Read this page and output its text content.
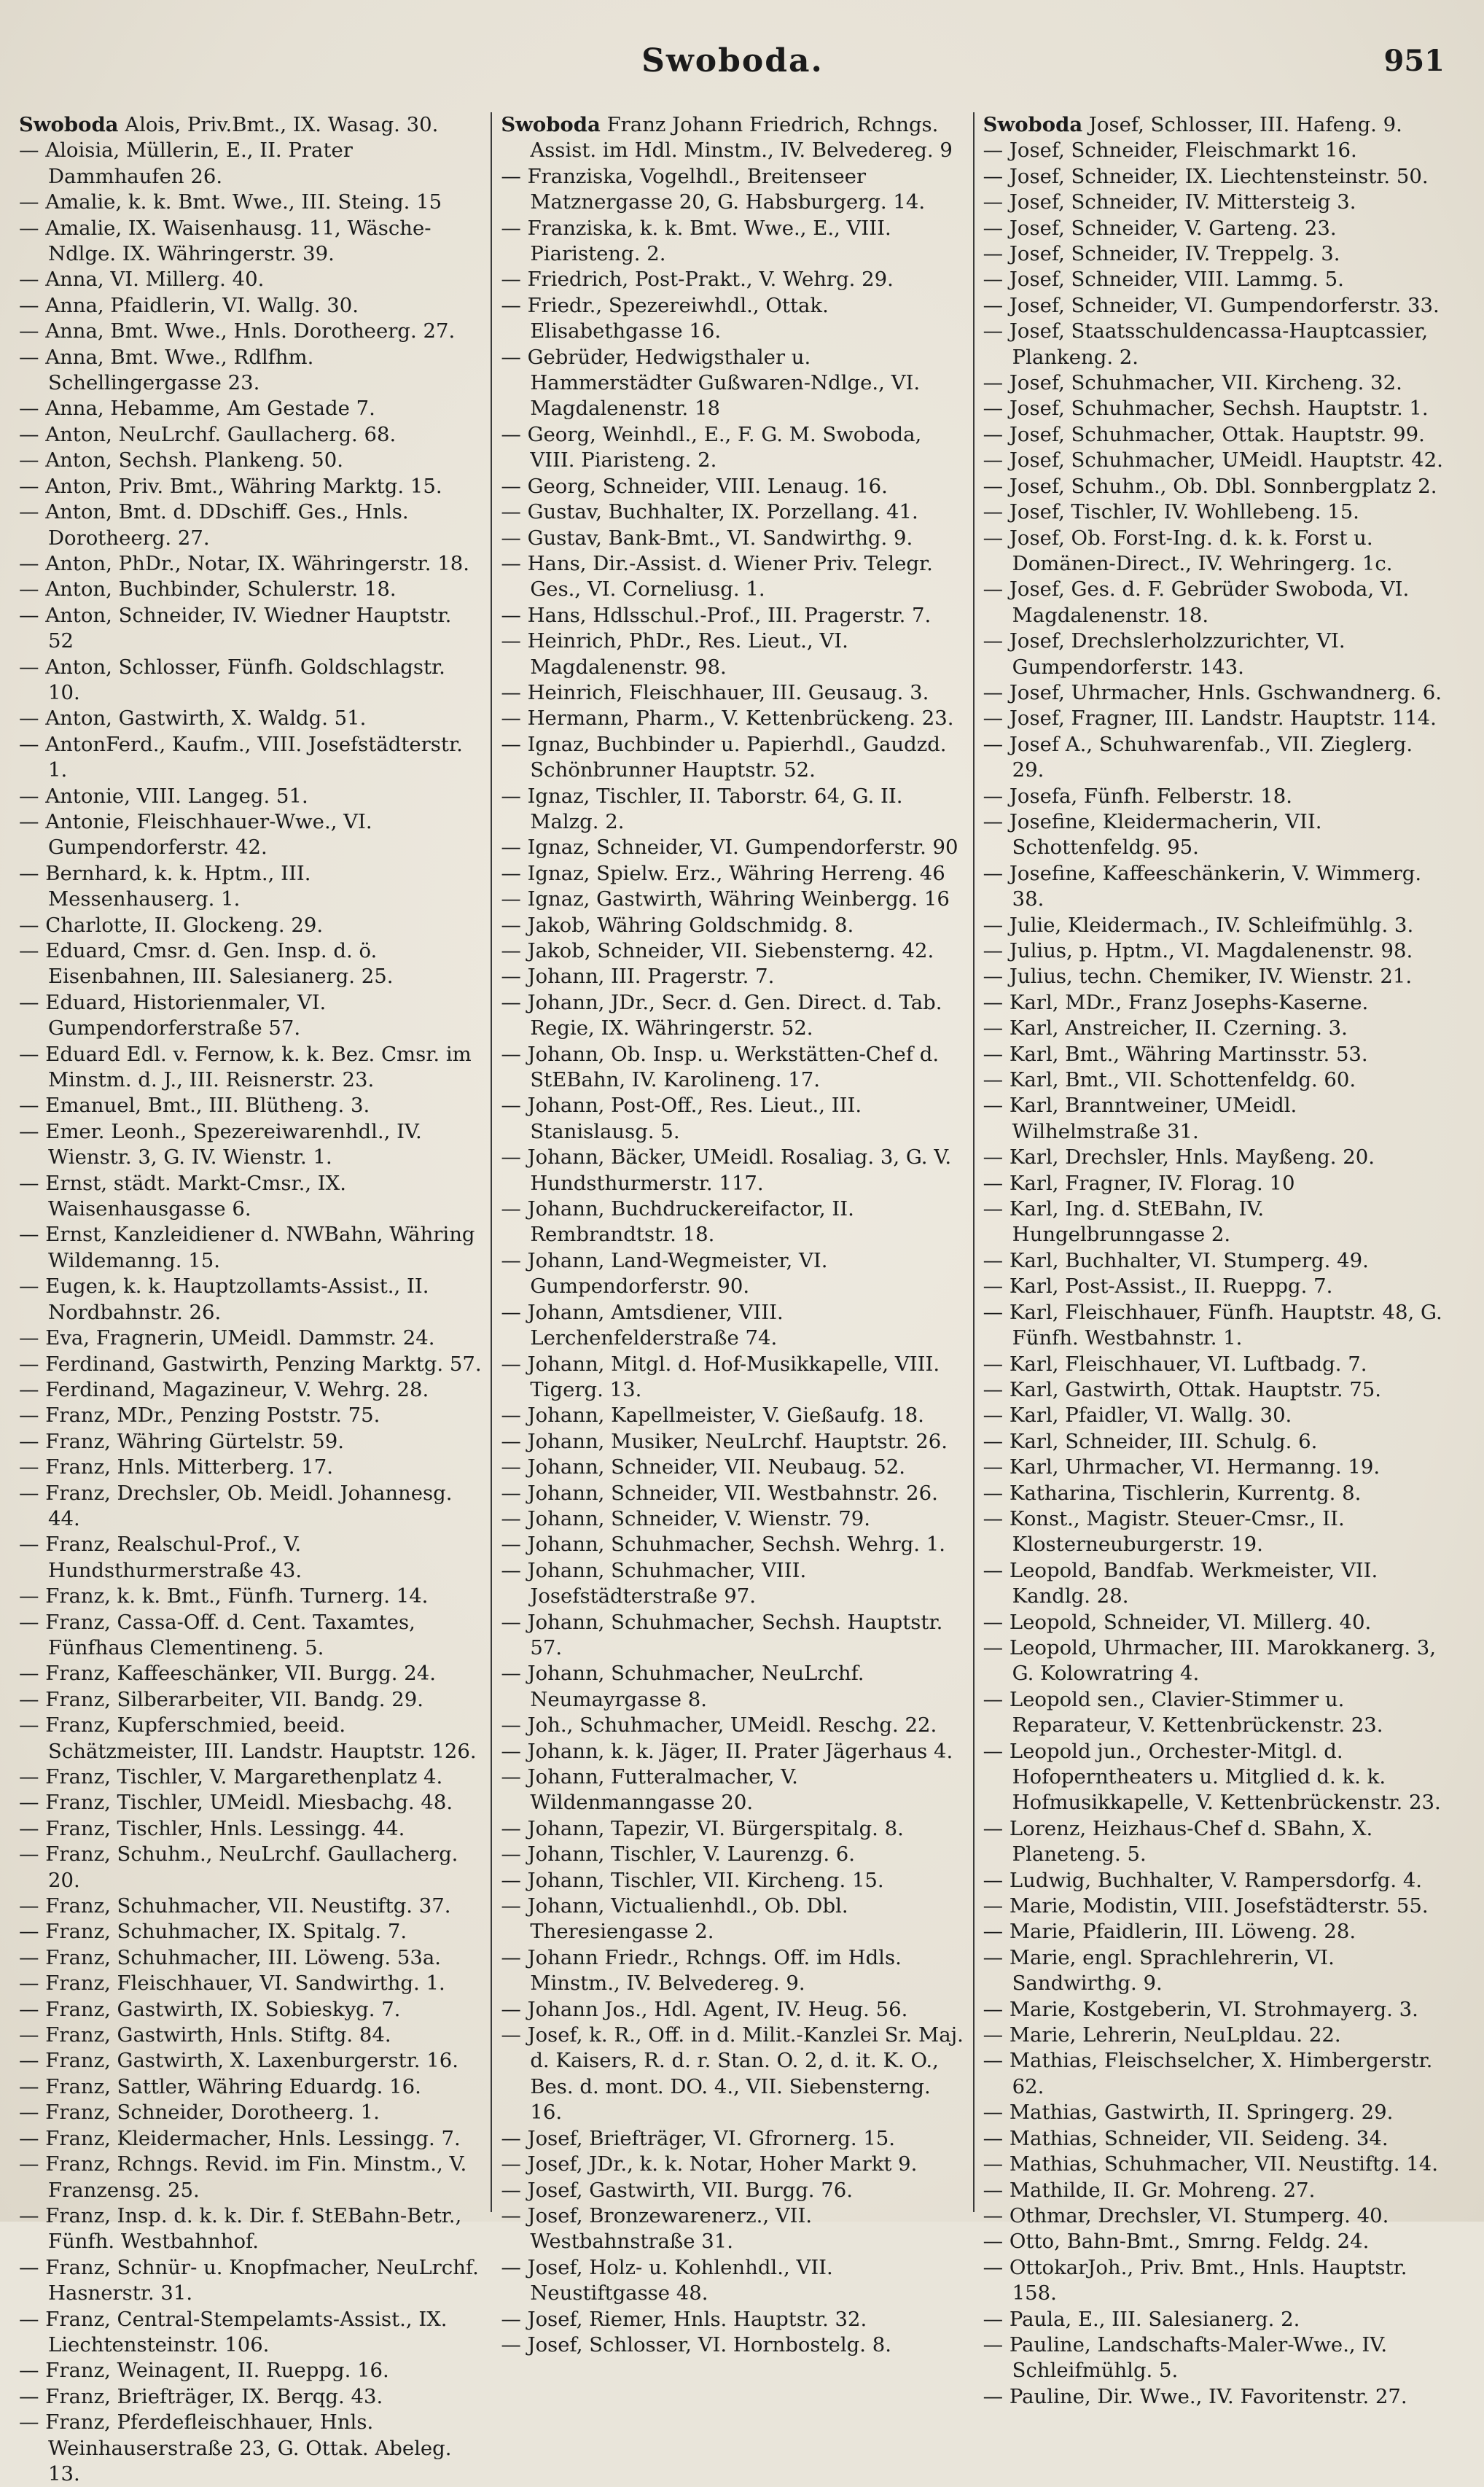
Swoboda.	951

Swoboda Alois, Priv.Bmt., IX. Wasag. 30.

— Aloisia, Müllerin, E., II. Prater Dammhaufen 26.

— Amalie, k. k. Bmt. Wwe., III. Steing. 15

— Amalie, IX. Waisenhausg. 11, Wäsche-Ndlge. IX. Währingerstr. 39.

— Anna, VI. Millerg. 40.

— Anna, Pfaidlerin, VI. Wallg. 30.

— Anna, Bmt. Wwe., Hnls. Dorotheerg. 27.

— Anna, Bmt. Wwe., Rdlfhm. Schellingergasse 23.

— Anna, Hebamme, Am Gestade 7.

— Anton, NeuLrchf. Gaullacherg. 68.

— Anton, Sechsh. Plankeng. 50.

— Anton, Priv. Bmt., Währing Marktg. 15.

— Anton, Bmt. d. DDschiff. Ges., Hnls. Dorotheerg. 27.

— Anton, PhDr., Notar, IX. Währingerstr. 18.

— Anton, Buchbinder, Schulerstr. 18.

— Anton, Schneider, IV. Wiedner Hauptstr. 52

— Anton, Schlosser, Fünfh. Goldschlagstr. 10.

— Anton, Gastwirth, X. Waldg. 51.

— AntonFerd., Kaufm., VIII. Josefstädterstr. 1.

— Antonie, VIII. Langeg. 51.

— Antonie, Fleischhauer-Wwe., VI. Gumpendorferstr. 42.

— Bernhard, k. k. Hptm., III. Messenhauserg. 1.

— Charlotte, II. Glockeng. 29.

— Eduard, Cmsr. d. Gen. Insp. d. ö. Eisenbahnen, III. Salesianerg. 25.

— Eduard, Historienmaler, VI. Gumpendorferstraße 57.

— Eduard Edl. v. Fernow, k. k. Bez. Cmsr. im Minstm. d. J., III. Reisnerstr. 23.

— Emanuel, Bmt., III. Blütheng. 3.

— Emer. Leonh., Spezereiwarenhdl., IV. Wienstr. 3, G. IV. Wienstr. 1.

— Ernst, städt. Markt-Cmsr., IX. Waisenhausgasse 6.

— Ernst, Kanzleidiener d. NWBahn, Währing Wildemanng. 15.

— Eugen, k. k. Hauptzollamts-Assist., II. Nordbahnstr. 26.

— Eva, Fragnerin, UMeidl. Dammstr. 24.

— Ferdinand, Gastwirth, Penzing Marktg. 57.

— Ferdinand, Magazineur, V. Wehrg. 28.

— Franz, MDr., Penzing Poststr. 75.

— Franz, Währing Gürtelstr. 59.

— Franz, Hnls. Mitterberg. 17.

— Franz, Drechsler, Ob. Meidl. Johannesg. 44.

— Franz, Realschul-Prof., V. Hundsthurmerstraße 43.

— Franz, k. k. Bmt., Fünfh. Turnerg. 14.

— Franz, Cassa-Off. d. Cent. Taxamtes, Fünfhaus Clementineng. 5.

— Franz, Kaffeeschänker, VII. Burgg. 24.

— Franz, Silberarbeiter, VII. Bandg. 29.

— Franz, Kupferschmied, beeid. Schätzmeister, III. Landstr. Hauptstr. 126.

— Franz, Tischler, V. Margarethenplatz 4.

— Franz, Tischler, UMeidl. Miesbachg. 48.

— Franz, Tischler, Hnls. Lessingg. 44.

— Franz, Schuhm., NeuLrchf. Gaullacherg. 20.

— Franz, Schuhmacher, VII. Neustiftg. 37.

— Franz, Schuhmacher, IX. Spitalg. 7.

— Franz, Schuhmacher, III. Löweng. 53a.

— Franz, Fleischhauer, VI. Sandwirthg. 1.

— Franz, Gastwirth, IX. Sobieskyg. 7.

— Franz, Gastwirth, Hnls. Stiftg. 84.

— Franz, Gastwirth, X. Laxenburgerstr. 16.

— Franz, Sattler, Währing Eduardg. 16.

— Franz, Schneider, Dorotheerg. 1.

— Franz, Kleidermacher, Hnls. Lessingg. 7.

— Franz, Rchngs. Revid. im Fin. Minstm., V. Franzensg. 25.

— Franz, Insp. d. k. k. Dir. f. StEBahn-Betr., Fünfh. Westbahnhof.

— Franz, Schnür- u. Knopfmacher, NeuLrchf. Hasnerstr. 31.

— Franz, Central-Stempelamts-Assist., IX. Liechtensteinstr. 106.

— Franz, Weinagent, II. Rueppg. 16.

— Franz, Briefträger, IX. Berqg. 43.

— Franz, Pferdefleischhauer, Hnls. Weinhauserstraße 23, G. Ottak. Abeleg. 13.

Swoboda Franz Johann Friedrich, Rchngs. Assist. im Hdl. Minstm., IV. Belvedereg. 9

— Franziska, Vogelhdl., Breitenseer Matznergasse 20, G. Habsburgerg. 14.

— Franziska, k. k. Bmt. Wwe., E., VIII. Piaristeng. 2.

— Friedrich, Post-Prakt., V. Wehrg. 29.

— Friedr., Spezereiwhdl., Ottak. Elisabethgasse 16.

— Gebrüder, Hedwigsthaler u. Hammerstädter Gußwaren-Ndlge., VI. Magdalenenstr. 18

— Georg, Weinhdl., E., F. G. M. Swoboda, VIII. Piaristeng. 2.

— Georg, Schneider, VIII. Lenaug. 16.

— Gustav, Buchhalter, IX. Porzellang. 41.

— Gustav, Bank-Bmt., VI. Sandwirthg. 9.

— Hans, Dir.-Assist. d. Wiener Priv. Telegr. Ges., VI. Corneliusg. 1.

— Hans, Hdlsschul.-Prof., III. Pragerstr. 7.

— Heinrich, PhDr., Res. Lieut., VI. Magdalenenstr. 98.

— Heinrich, Fleischhauer, III. Geusaug. 3.

— Hermann, Pharm., V. Kettenbrückeng. 23.

— Ignaz, Buchbinder u. Papierhdl., Gaudzd. Schönbrunner Hauptstr. 52.

— Ignaz, Tischler, II. Taborstr. 64, G. II. Malzg. 2.

— Ignaz, Schneider, VI. Gumpendorferstr. 90

— Ignaz, Spielw. Erz., Währing Herreng. 46

— Ignaz, Gastwirth, Währing Weinbergg. 16

— Jakob, Währing Goldschmidg. 8.

— Jakob, Schneider, VII. Siebensterng. 42.

— Johann, III. Pragerstr. 7.

— Johann, JDr., Secr. d. Gen. Direct. d. Tab. Regie, IX. Währingerstr. 52.

— Johann, Ob. Insp. u. Werkstätten-Chef d. StEBahn, IV. Karolineng. 17.

— Johann, Post-Off., Res. Lieut., III. Stanislausg. 5.

— Johann, Bäcker, UMeidl. Rosaliag. 3, G. V. Hundsthurmerstr. 117.

— Johann, Buchdruckereifactor, II. Rembrandtstr. 18.

— Johann, Land-Wegmeister, VI. Gumpendorferstr. 90.

— Johann, Amtsdiener, VIII. Lerchenfelderstraße 74.

— Johann, Mitgl. d. Hof-Musikkapelle, VIII. Tigerg. 13.

— Johann, Kapellmeister, V. Gießaufg. 18.

— Johann, Musiker, NeuLrchf. Hauptstr. 26.

— Johann, Schneider, VII. Neubaug. 52.

— Johann, Schneider, VII. Westbahnstr. 26.

— Johann, Schneider, V. Wienstr. 79.

— Johann, Schuhmacher, Sechsh. Wehrg. 1.

— Johann, Schuhmacher, VIII. Josefstädterstraße 97.

— Johann, Schuhmacher, Sechsh. Hauptstr. 57.

— Johann, Schuhmacher, NeuLrchf. Neumayrgasse 8.

— Joh., Schuhmacher, UMeidl. Reschg. 22.

— Johann, k. k. Jäger, II. Prater Jägerhaus 4.

— Johann, Futteralmacher, V. Wildenmanngasse 20.

— Johann, Tapezir, VI. Bürgerspitalg. 8.

— Johann, Tischler, V. Laurenzg. 6.

— Johann, Tischler, VII. Kircheng. 15.

— Johann, Victualienhdl., Ob. Dbl. Theresiengasse 2.

— Johann Friedr., Rchngs. Off. im Hdls. Minstm., IV. Belvedereg. 9.

— Johann Jos., Hdl. Agent, IV. Heug. 56.

— Josef, k. R., Off. in d. Milit.-Kanzlei Sr. Maj. d. Kaisers, R. d. r. Stan. O. 2, d. it. K. O., Bes. d. mont. DO. 4., VII. Siebensterng. 16.

— Josef, Briefträger, VI. Gfrornerg. 15.

— Josef, JDr., k. k. Notar, Hoher Markt 9.

— Josef, Gastwirth, VII. Burgg. 76.

— Josef, Bronzewarenerz., VII. Westbahnstraße 31.

— Josef, Holz- u. Kohlenhdl., VII. Neustiftgasse 48.

— Josef, Riemer, Hnls. Hauptstr. 32.

— Josef, Schlosser, VI. Hornbostelg. 8.

Swoboda Josef, Schlosser, III. Hafeng. 9.

— Josef, Schneider, Fleischmarkt 16.

— Josef, Schneider, IX. Liechtensteinstr. 50.

— Josef, Schneider, IV. Mittersteig 3.

— Josef, Schneider, V. Garteng. 23.

— Josef, Schneider, IV. Treppelg. 3.

— Josef, Schneider, VIII. Lammg. 5.

— Josef, Schneider, VI. Gumpendorferstr. 33.

— Josef, Staatsschuldencassa-Hauptcassier, Plankeng. 2.

— Josef, Schuhmacher, VII. Kircheng. 32.

— Josef, Schuhmacher, Sechsh. Hauptstr. 1.

— Josef, Schuhmacher, Ottak. Hauptstr. 99.

— Josef, Schuhmacher, UMeidl. Hauptstr. 42.

— Josef, Schuhm., Ob. Dbl. Sonnbergplatz 2.

— Josef, Tischler, IV. Wohllebeng. 15.

— Josef, Ob. Forst-Ing. d. k. k. Forst u. Domänen-Direct., IV. Wehringerg. 1c.

— Josef, Ges. d. F. Gebrüder Swoboda, VI. Magdalenenstr. 18.

— Josef, Drechslerholzzurichter, VI. Gumpendorferstr. 143.

— Josef, Uhrmacher, Hnls. Gschwandnerg. 6.

— Josef, Fragner, III. Landstr. Hauptstr. 114.

— Josef A., Schuhwarenfab., VII. Zieglerg. 29.

— Josefa, Fünfh. Felberstr. 18.

— Josefine, Kleidermacherin, VII. Schottenfeldg. 95.

— Josefine, Kaffeeschänkerin, V. Wimmerg. 38.

— Julie, Kleidermach., IV. Schleifmühlg. 3.

— Julius, p. Hptm., VI. Magdalenenstr. 98.

— Julius, techn. Chemiker, IV. Wienstr. 21.

— Karl, MDr., Franz Josephs-Kaserne.

— Karl, Anstreicher, II. Czerning. 3.

— Karl, Bmt., Währing Martinsstr. 53.

— Karl, Bmt., VII. Schottenfeldg. 60.

— Karl, Branntweiner, UMeidl. Wilhelmstraße 31.

— Karl, Drechsler, Hnls. Mayßeng. 20.

— Karl, Fragner, IV. Florag. 10

— Karl, Ing. d. StEBahn, IV. Hungelbrunngasse 2.

— Karl, Buchhalter, VI. Stumperg. 49.

— Karl, Post-Assist., II. Rueppg. 7.

— Karl, Fleischhauer, Fünfh. Hauptstr. 48, G. Fünfh. Westbahnstr. 1.

— Karl, Fleischhauer, VI. Luftbadg. 7.

— Karl, Gastwirth, Ottak. Hauptstr. 75.

— Karl, Pfaidler, VI. Wallg. 30.

— Karl, Schneider, III. Schulg. 6.

— Karl, Uhrmacher, VI. Hermanng. 19.

— Katharina, Tischlerin, Kurrentg. 8.

— Konst., Magistr. Steuer-Cmsr., II. Klosterneuburgerstr. 19.

— Leopold, Bandfab. Werkmeister, VII. Kandlg. 28.

— Leopold, Schneider, VI. Millerg. 40.

— Leopold, Uhrmacher, III. Marokkanerg. 3, G. Kolowratring 4.

— Leopold sen., Clavier-Stimmer u. Reparateur, V. Kettenbrückenstr. 23.

— Leopold jun., Orchester-Mitgl. d. Hofoperntheaters u. Mitglied d. k. k. Hofmusikkapelle, V. Kettenbrückenstr. 23.

— Lorenz, Heizhaus-Chef d. SBahn, X. Planeteng. 5.

— Ludwig, Buchhalter, V. Rampersdorfg. 4.

— Marie, Modistin, VIII. Josefstädterstr. 55.

— Marie, Pfaidlerin, III. Löweng. 28.

— Marie, engl. Sprachlehrerin, VI. Sandwirthg. 9.

— Marie, Kostgeberin, VI. Strohmayerg. 3.

— Marie, Lehrerin, NeuLpldau. 22.

— Mathias, Fleischselcher, X. Himbergerstr. 62.

— Mathias, Gastwirth, II. Springerg. 29.

— Mathias, Schneider, VII. Seideng. 34.

— Mathias, Schuhmacher, VII. Neustiftg. 14.

— Mathilde, II. Gr. Mohreng. 27.

— Othmar, Drechsler, VI. Stumperg. 40.

— Otto, Bahn-Bmt., Smrng. Feldg. 24.

— OttokarJoh., Priv. Bmt., Hnls. Hauptstr. 158.

— Paula, E., III. Salesianerg. 2.

— Pauline, Landschafts-Maler-Wwe., IV. Schleifmühlg. 5.

— Pauline, Dir. Wwe., IV. Favoritenstr. 27.
